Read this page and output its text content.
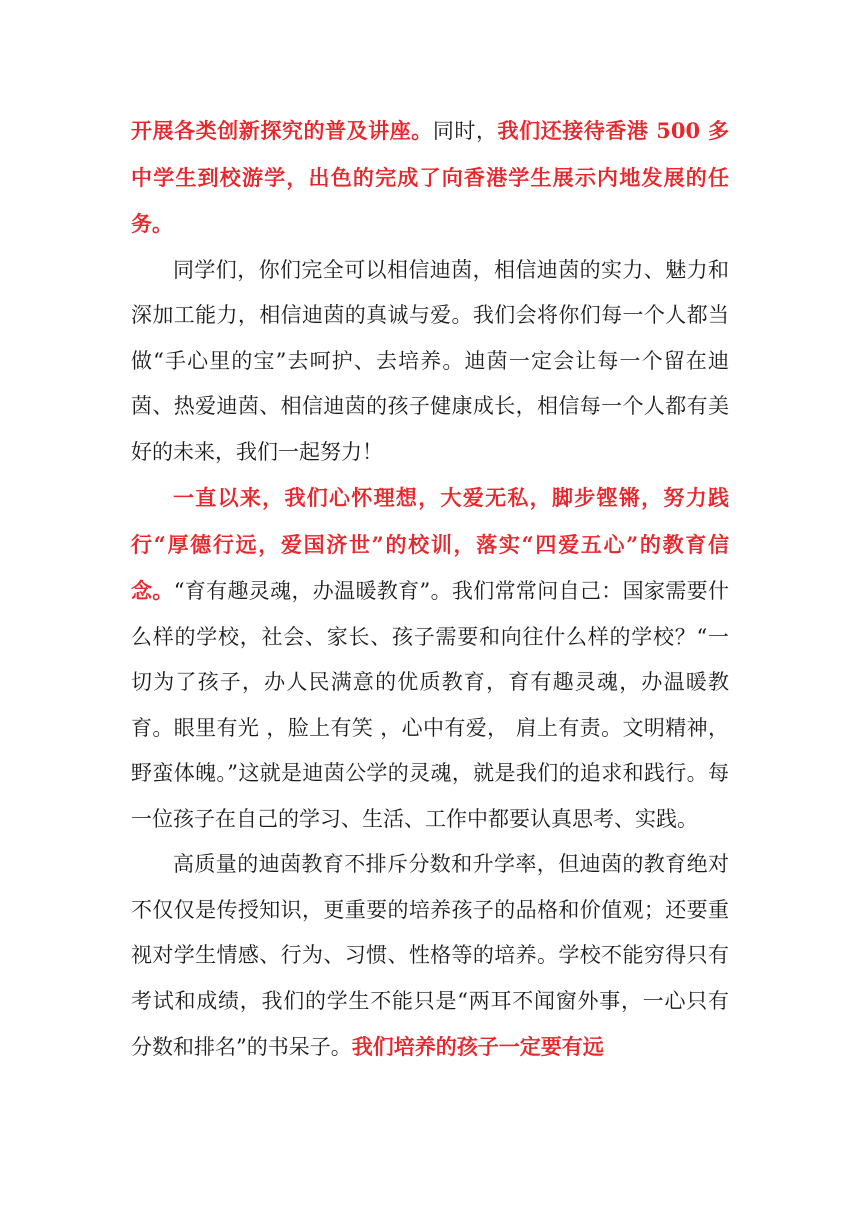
开展各类创新探究的普及讲座。同时，我们还接待香港 500 多中学生到校游学，出色的完成了向香港学生展示内地发展的任务。

同学们，你们完全可以相信迪茵，相信迪茵的实力、魅力和深加工能力，相信迪茵的真诚与爱。我们会将你们每一个人都当做“手心里的宝”去呵护、去培养。迪茵一定会让每一个留在迪茵、热爱迪茵、相信迪茵的孩子健康成长，相信每一个人都有美好的未来，我们一起努力！

一直以来，我们心怀理想，大爱无私，脚步铿锵，努力践行“厚德行远，爱国济世”的校训，落实“四爱五心”的教育信念。“育有趣灵魂，办温暖教育”。我们常常问自己：国家需要什么样的学校，社会、家长、孩子需要和向往什么样的学校？“一切为了孩子，办人民满意的优质教育，育有趣灵魂，办温暖教育。眼里有光 ，脸上有笑 ，心中有爱， 肩上有责。文明精神， 野蛮体魄。”这就是迪茵公学的灵魂，就是我们的追求和践行。每一位孩子在自己的学习、生活、工作中都要认真思考、实践。

高质量的迪茵教育不排斥分数和升学率，但迪茵的教育绝对不仅仅是传授知识，更重要的培养孩子的品格和价值观；还要重视对学生情感、行为、习惯、性格等的培养。学校不能穷得只有考试和成绩，我们的学生不能只是“两耳不闻窗外事，一心只有分数和排名”的书呆子。我们培养的孩子一定要有远
